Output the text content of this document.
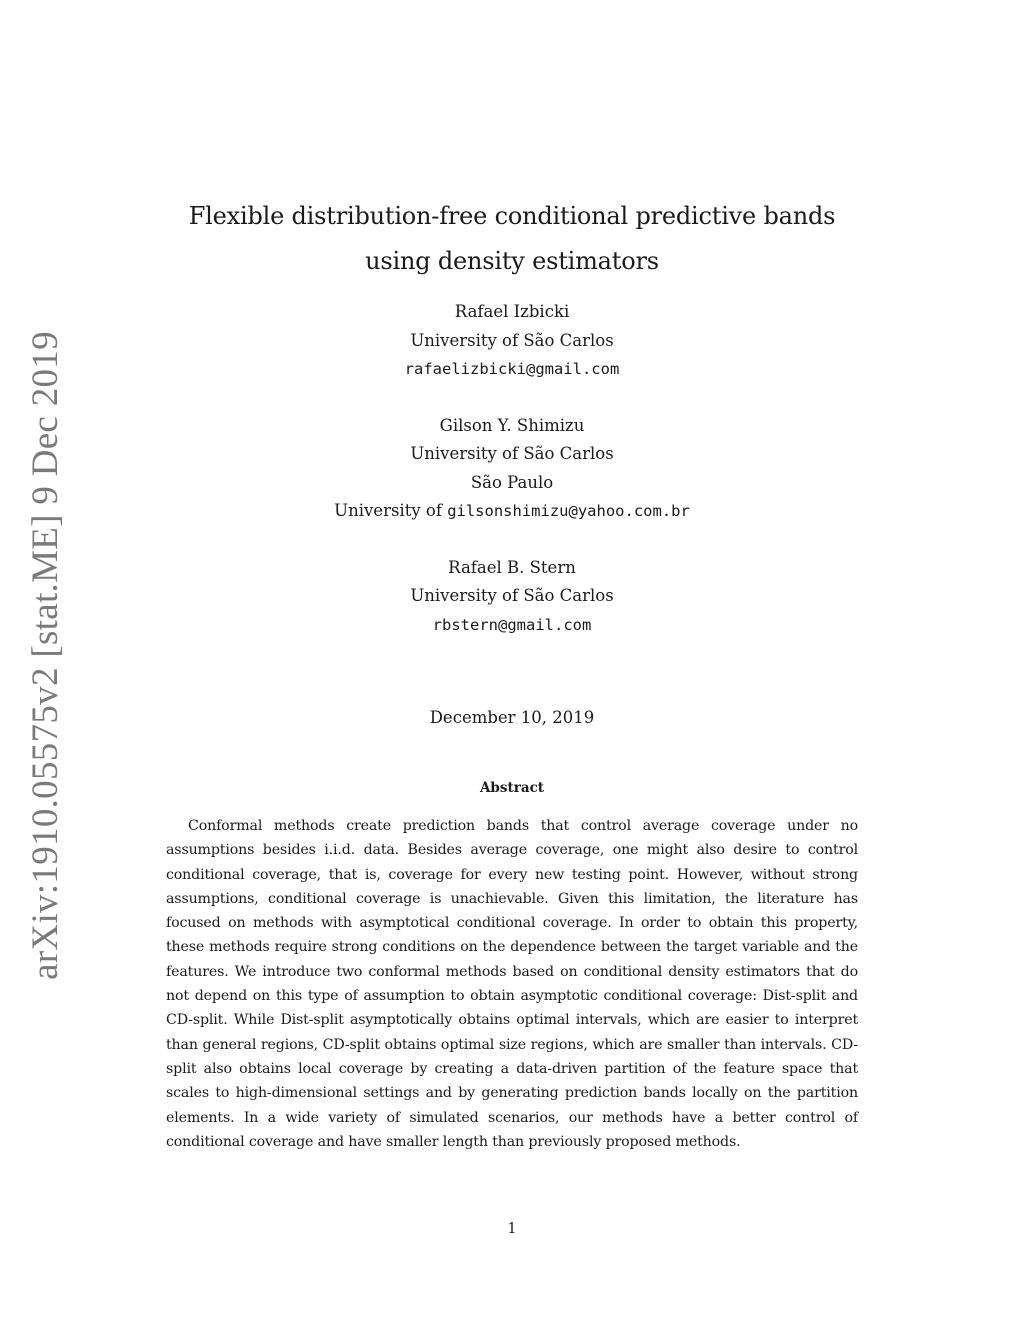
arXiv:1910.05575v2 [stat.ME] 9 Dec 2019
Flexible distribution-free conditional predictive bands
using density estimators
Rafael Izbicki
University of São Carlos
rafaelizbicki@gmail.com
Gilson Y. Shimizu
University of São Carlos
São Paulo
University of gilsonshimizu@yahoo.com.br
Rafael B. Stern
University of São Carlos
rbstern@gmail.com
December 10, 2019
Abstract

Conformal methods create prediction bands that control average coverage under no assumptions besides i.i.d. data. Besides average coverage, one might also desire to control conditional coverage, that is, coverage for every new testing point. However, without strong assumptions, conditional coverage is unachievable. Given this limitation, the literature has focused on methods with asymptotical conditional coverage. In order to obtain this property, these methods require strong conditions on the dependence between the target variable and the features. We introduce two conformal methods based on conditional density estimators that do not depend on this type of assumption to obtain asymptotic conditional coverage: Dist-split and CD-split. While Dist-split asymptotically obtains optimal intervals, which are easier to interpret than general regions, CD-split obtains optimal size regions, which are smaller than intervals. CD-split also obtains local coverage by creating a data-driven partition of the feature space that scales to high-dimensional settings and by generating prediction bands locally on the partition elements. In a wide variety of simulated scenarios, our methods have a better control of conditional coverage and have smaller length than previously proposed methods.

1
